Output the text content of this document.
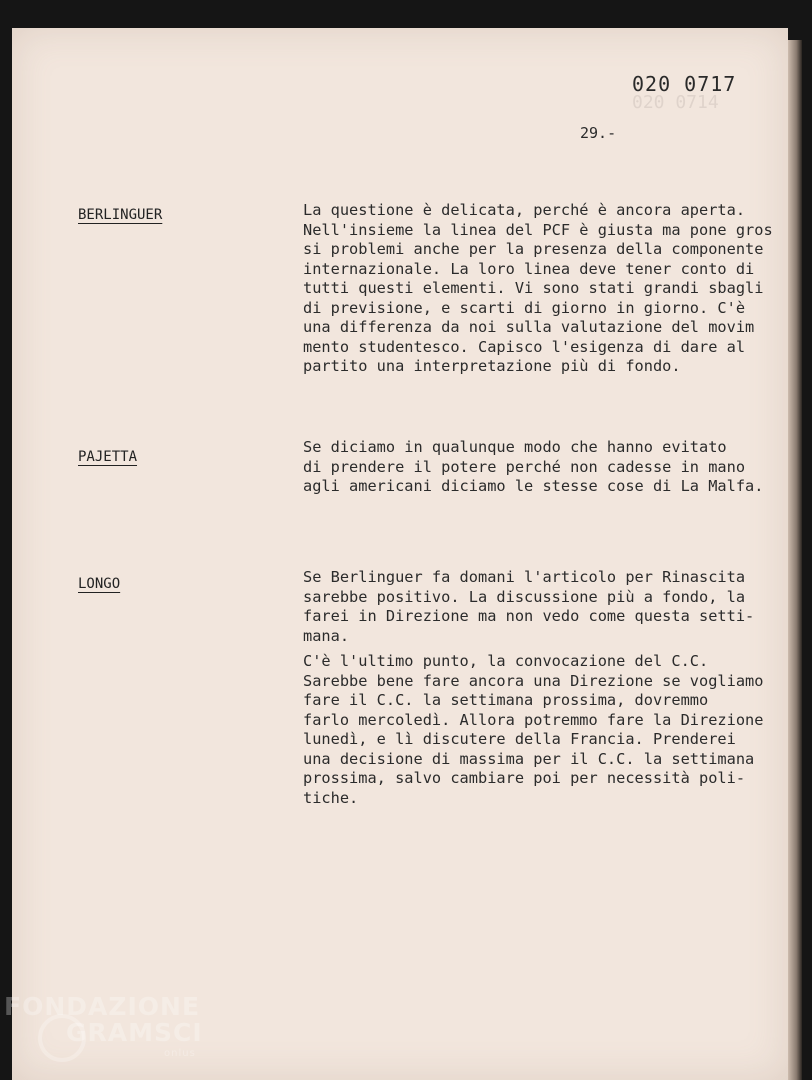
020 0717
020 0714
29.-
BERLINGUER	La questione è delicata, perché è ancora aperta.
Nell'insieme la linea del PCF è giusta ma pone gros
si problemi anche per la presenza della componente
internazionale. La loro linea deve tener conto di
tutti questi elementi. Vi sono stati grandi sbagli
di previsione, e scarti di giorno in giorno. C'è
una differenza da noi sulla valutazione del movim
mento studentesco. Capisco l'esigenza di dare al
partito una interpretazione più di fondo.
PAJETTA
Se diciamo in qualunque modo che hanno evitato
di prendere il potere perché non cadesse in mano
agli americani diciamo le stesse cose di La Malfa.
LONGO	Se Berlinguer fa domani l'articolo per Rinascita
sarebbe positivo. La discussione più a fondo, la
farei in Direzione ma non vedo come questa setti-
mana.
C'è l'ultimo punto, la convocazione del C.C.
Sarebbe bene fare ancora una Direzione se vogliamo
fare il C.C. la settimana prossima, dovremmo
farlo mercoledì. Allora potremmo fare la Direzione
lunedì, e lì discutere della Francia. Prenderei
una decisione di massima per il C.C. la settimana
prossima, salvo cambiare poi per necessità poli-
tiche.
FONDAZIONE
GRAMSCI
onlus
